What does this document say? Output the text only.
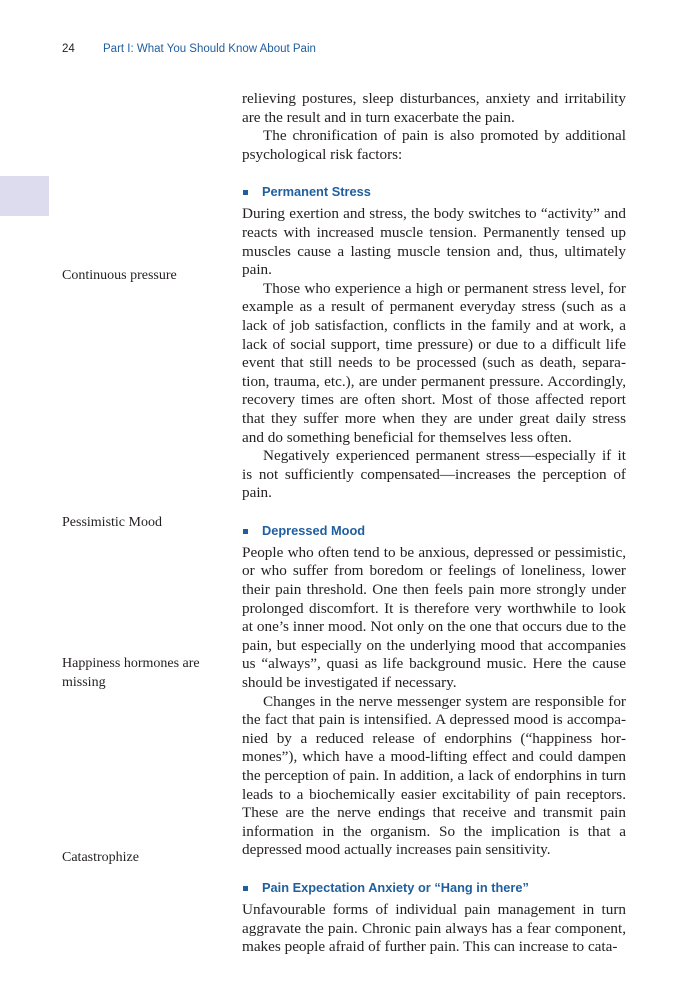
24 Part I: What You Should Know About Pain
Continuous pressure
Pessimistic Mood
Happiness hormones are missing
Catastrophize

relieving postures, sleep disturbances, anxiety and irritability are the result and in turn exacerbate the pain.

The chronification of pain is also promoted by additional psychological risk factors:

Permanent Stress

During exertion and stress, the body switches to “activity” and reacts with increased muscle tension. Permanently tensed up muscles cause a lasting muscle tension and, thus, ultimately pain.

Those who experience a high or permanent stress level, for example as a result of permanent everyday stress (such as a lack of job satisfaction, conflicts in the family and at work, a lack of social support, time pressure) or due to a difficult life event that still needs to be processed (such as death, separation, trauma, etc.), are under permanent pressure. Accordingly, recovery times are often short. Most of those affected report that they suffer more when they are under great daily stress and do something beneficial for themselves less often.

Negatively experienced permanent stress—especially if it is not sufficiently compensated—increases the perception of pain.

Depressed Mood

People who often tend to be anxious, depressed or pessimistic, or who suffer from boredom or feelings of loneliness, lower their pain threshold. One then feels pain more strongly under prolonged discomfort. It is therefore very worthwhile to look at one’s inner mood. Not only on the one that occurs due to the pain, but especially on the underlying mood that accompanies us “always”, quasi as life background music. Here the cause should be investigated if necessary.

Changes in the nerve messenger system are responsible for the fact that pain is intensified. A depressed mood is accompanied by a reduced release of endorphins (“happiness hormones”), which have a mood-lifting effect and could dampen the perception of pain. In addition, a lack of endorphins in turn leads to a biochemically easier excitability of pain receptors. These are the nerve endings that receive and transmit pain information in the organism. So the implication is that a depressed mood actually increases pain sensitivity.

Pain Expectation Anxiety or “Hang in there”

Unfavourable forms of individual pain management in turn aggravate the pain. Chronic pain always has a fear component, makes people afraid of further pain. This can increase to cata-
